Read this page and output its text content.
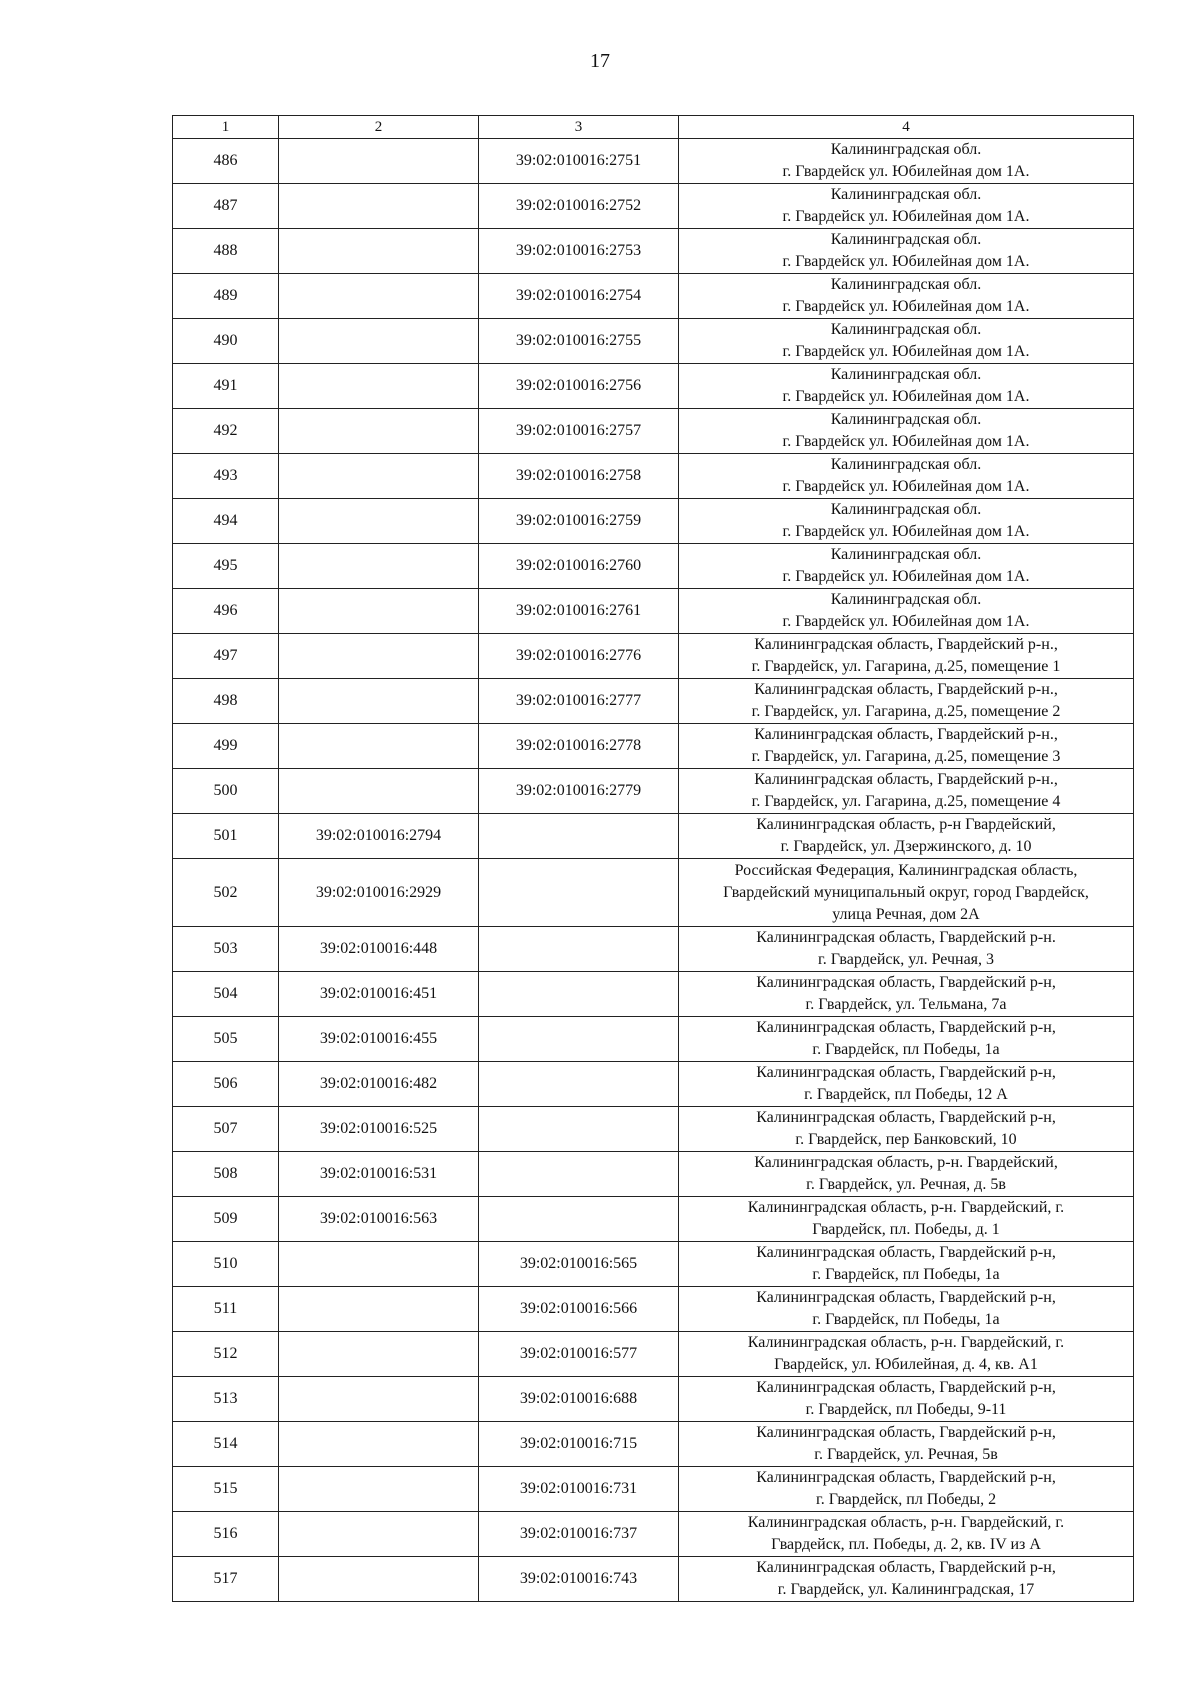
17
1	2	3	4
486		39:02:010016:2751	Калининградская обл.
г. Гвардейск ул. Юбилейная дом 1А.
487		39:02:010016:2752	Калининградская обл.
г. Гвардейск ул. Юбилейная дом 1А.
488		39:02:010016:2753	Калининградская обл.
г. Гвардейск ул. Юбилейная дом 1А.
489		39:02:010016:2754	Калининградская обл.
г. Гвардейск ул. Юбилейная дом 1А.
490		39:02:010016:2755	Калининградская обл.
г. Гвардейск ул. Юбилейная дом 1А.
491		39:02:010016:2756	Калининградская обл.
г. Гвардейск ул. Юбилейная дом 1А.
492		39:02:010016:2757	Калининградская обл.
г. Гвардейск ул. Юбилейная дом 1А.
493		39:02:010016:2758	Калининградская обл.
г. Гвардейск ул. Юбилейная дом 1А.
494		39:02:010016:2759	Калининградская обл.
г. Гвардейск ул. Юбилейная дом 1А.
495		39:02:010016:2760	Калининградская обл.
г. Гвардейск ул. Юбилейная дом 1А.
496		39:02:010016:2761	Калининградская обл.
г. Гвардейск ул. Юбилейная дом 1А.
497		39:02:010016:2776	Калининградская область, Гвардейский р-н.,
г. Гвардейск, ул. Гагарина, д.25, помещение 1
498		39:02:010016:2777	Калининградская область, Гвардейский р-н.,
г. Гвардейск, ул. Гагарина, д.25, помещение 2
499		39:02:010016:2778	Калининградская область, Гвардейский р-н.,
г. Гвардейск, ул. Гагарина, д.25, помещение 3
500		39:02:010016:2779	Калининградская область, Гвардейский р-н.,
г. Гвардейск, ул. Гагарина, д.25, помещение 4
501	39:02:010016:2794		Калининградская область, р-н Гвардейский,
г. Гвардейск, ул. Дзержинского, д. 10
502	39:02:010016:2929		Российская Федерация, Калининградская область,
Гвардейский муниципальный округ, город Гвардейск,
улица Речная, дом 2А
503	39:02:010016:448		Калининградская область, Гвардейский р-н.
г. Гвардейск, ул. Речная, 3
504	39:02:010016:451		Калининградская область, Гвардейский р-н,
г. Гвардейск, ул. Тельмана, 7а
505	39:02:010016:455		Калининградская область, Гвардейский р-н,
г. Гвардейск, пл Победы, 1а
506	39:02:010016:482		Калининградская область, Гвардейский р-н,
г. Гвардейск, пл Победы, 12 А
507	39:02:010016:525		Калининградская область, Гвардейский р-н,
г. Гвардейск, пер Банковский, 10
508	39:02:010016:531		Калининградская область, р-н. Гвардейский,
г. Гвардейск, ул. Речная, д. 5в
509	39:02:010016:563		Калининградская область, р-н. Гвардейский, г.
Гвардейск, пл. Победы, д. 1
510		39:02:010016:565	Калининградская область, Гвардейский р-н,
г. Гвардейск, пл Победы, 1а
511		39:02:010016:566	Калининградская область, Гвардейский р-н,
г. Гвардейск, пл Победы, 1а
512		39:02:010016:577	Калининградская область, р-н. Гвардейский, г.
Гвардейск, ул. Юбилейная, д. 4, кв. А1
513		39:02:010016:688	Калининградская область, Гвардейский р-н,
г. Гвардейск, пл Победы, 9-11
514		39:02:010016:715	Калининградская область, Гвардейский р-н,
г. Гвардейск, ул. Речная, 5в
515		39:02:010016:731	Калининградская область, Гвардейский р-н,
г. Гвардейск, пл Победы, 2
516		39:02:010016:737	Калининградская область, р-н. Гвардейский, г.
Гвардейск, пл. Победы, д. 2, кв. IV из А
517		39:02:010016:743	Калининградская область, Гвардейский р-н,
г. Гвардейск, ул. Калининградская, 17
